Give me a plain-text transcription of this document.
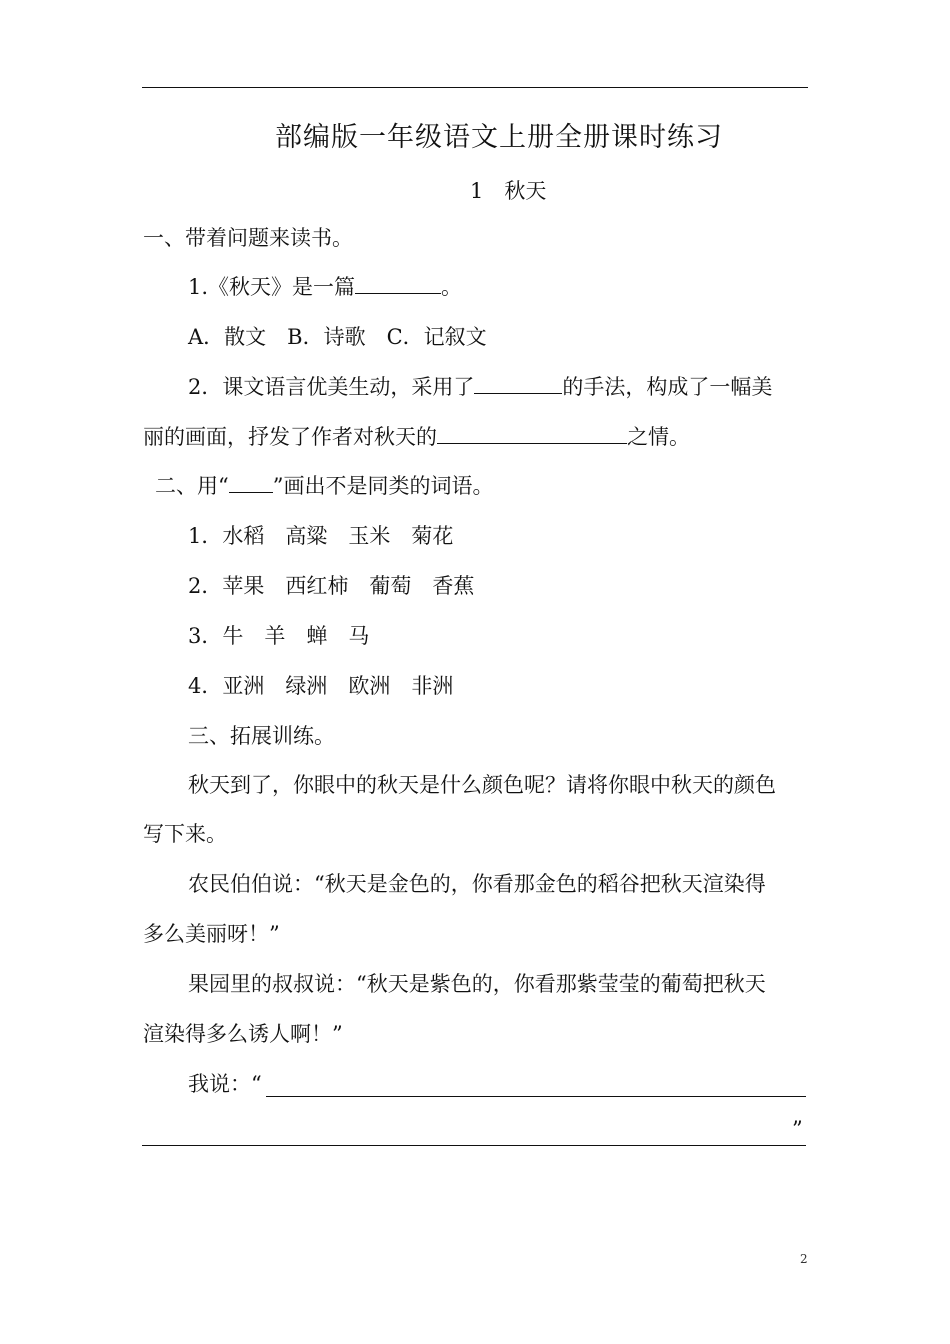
部编版一年级语文上册全册课时练习
1　秋天
一、带着问题来读书。
1.《秋天》是一篇	。
A．散文　B．诗歌　C．记叙文
2．课文语言优美生动，采用了	的手法，构成了一幅美
丽的画面，抒发了作者对秋天的	之情。
二、用“ ”画出不是同类的词语。
1．水稻　高粱　玉米　菊花
2．苹果　西红柿　葡萄　香蕉
3．牛　羊　蝉　马
4．亚洲　绿洲　欧洲　非洲
三、拓展训练。
秋天到了，你眼中的秋天是什么颜色呢？请将你眼中秋天的颜色
写下来。
农民伯伯说：“秋天是金色的，你看那金色的稻谷把秋天渲染得
多么美丽呀！”
果园里的叔叔说：“秋天是紫色的，你看那紫莹莹的葡萄把秋天
渲染得多么诱人啊！”
我说：“
”
2
